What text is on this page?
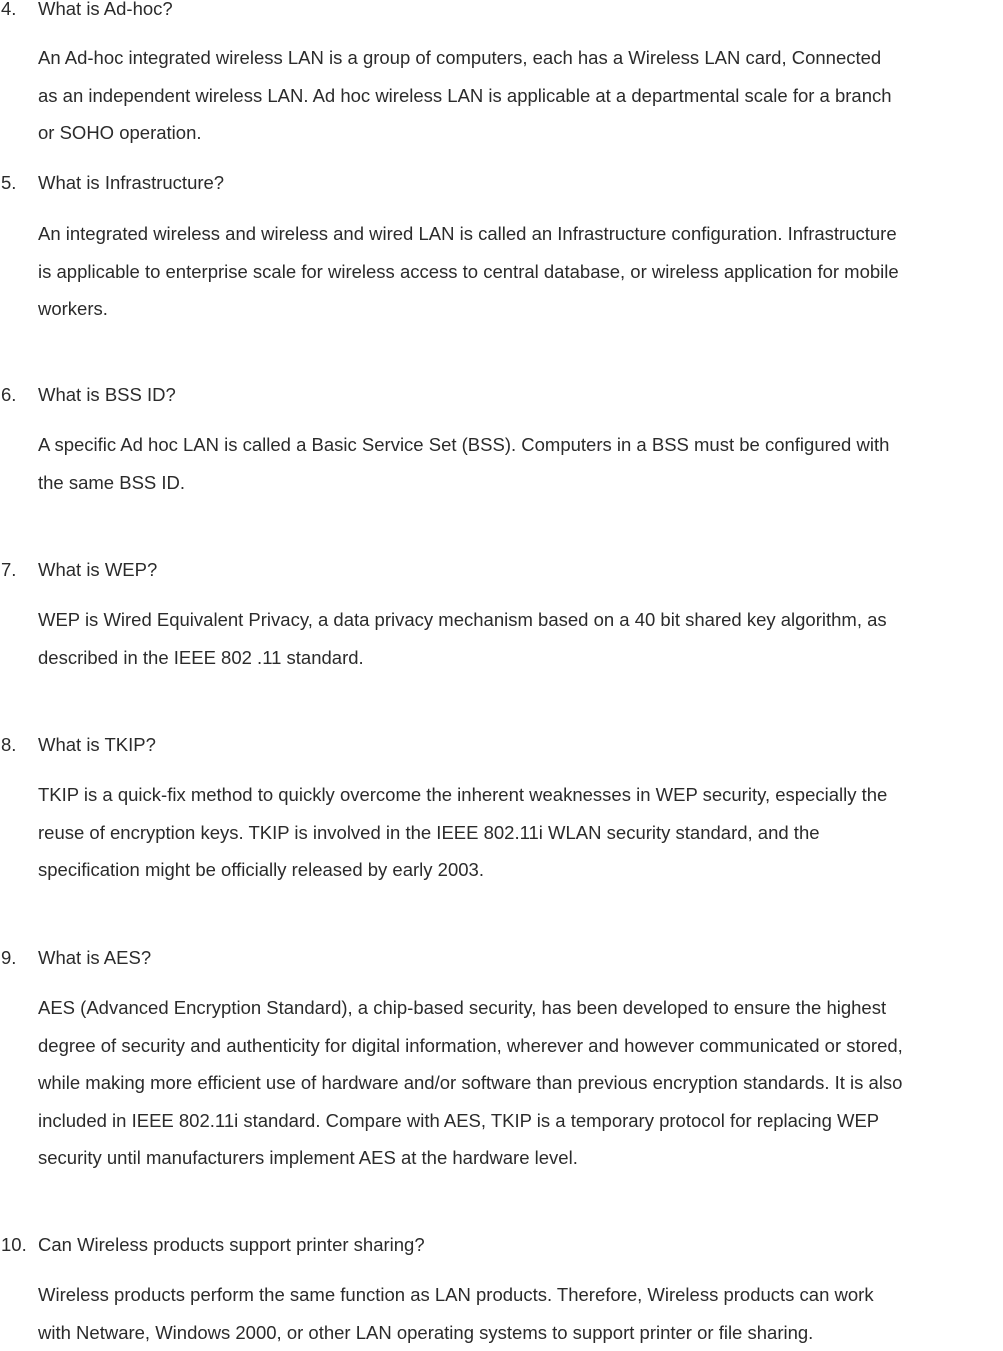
4. What is Ad-hoc?
An Ad-hoc integrated wireless LAN is a group of computers, each has a Wireless LAN card, Connected
as an independent wireless LAN. Ad hoc wireless LAN is applicable at a departmental scale for a branch
or SOHO operation.
5. What is Infrastructure?
An integrated wireless and wireless and wired LAN is called an Infrastructure configuration. Infrastructure
is applicable to enterprise scale for wireless access to central database, or wireless application for mobile
workers.
6. What is BSS ID?
A specific Ad hoc LAN is called a Basic Service Set (BSS). Computers in a BSS must be configured with
the same BSS ID.
7. What is WEP?
WEP is Wired Equivalent Privacy, a data privacy mechanism based on a 40 bit shared key algorithm, as
described in the IEEE 802 .11 standard.
8. What is TKIP?
TKIP is a quick-fix method to quickly overcome the inherent weaknesses in WEP security, especially the
reuse of encryption keys. TKIP is involved in the IEEE 802.11i WLAN security standard, and the
specification might be officially released by early 2003.
9. What is AES?
AES (Advanced Encryption Standard), a chip-based security, has been developed to ensure the highest
degree of security and authenticity for digital information, wherever and however communicated or stored,
while making more efficient use of hardware and/or software than previous encryption standards. It is also
included in IEEE 802.11i standard. Compare with AES, TKIP is a temporary protocol for replacing WEP
security until manufacturers implement AES at the hardware level.
10. Can Wireless products support printer sharing?
Wireless products perform the same function as LAN products. Therefore, Wireless products can work
with Netware, Windows 2000, or other LAN operating systems to support printer or file sharing.
